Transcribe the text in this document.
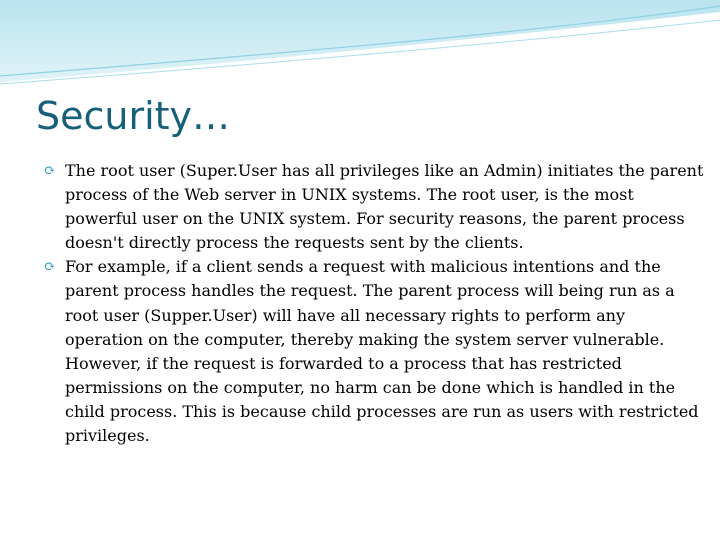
Security…
⟳ The root user (Super.User has all privileges like an Admin) initiates the parent process of the Web server in UNIX systems. The root user, is the most powerful user on the UNIX system. For security reasons, the parent process doesn't directly process the requests sent by the clients.
⟳ For example, if a client sends a request with malicious intentions and the parent process handles the request. The parent process will being run as a root user (Supper.User) will have all necessary rights to perform any operation on the computer, thereby making the system server vulnerable. However, if the request is forwarded to a process that has restricted permissions on the computer, no harm can be done which is handled in the child process. This is because child processes are run as users with restricted privileges.
